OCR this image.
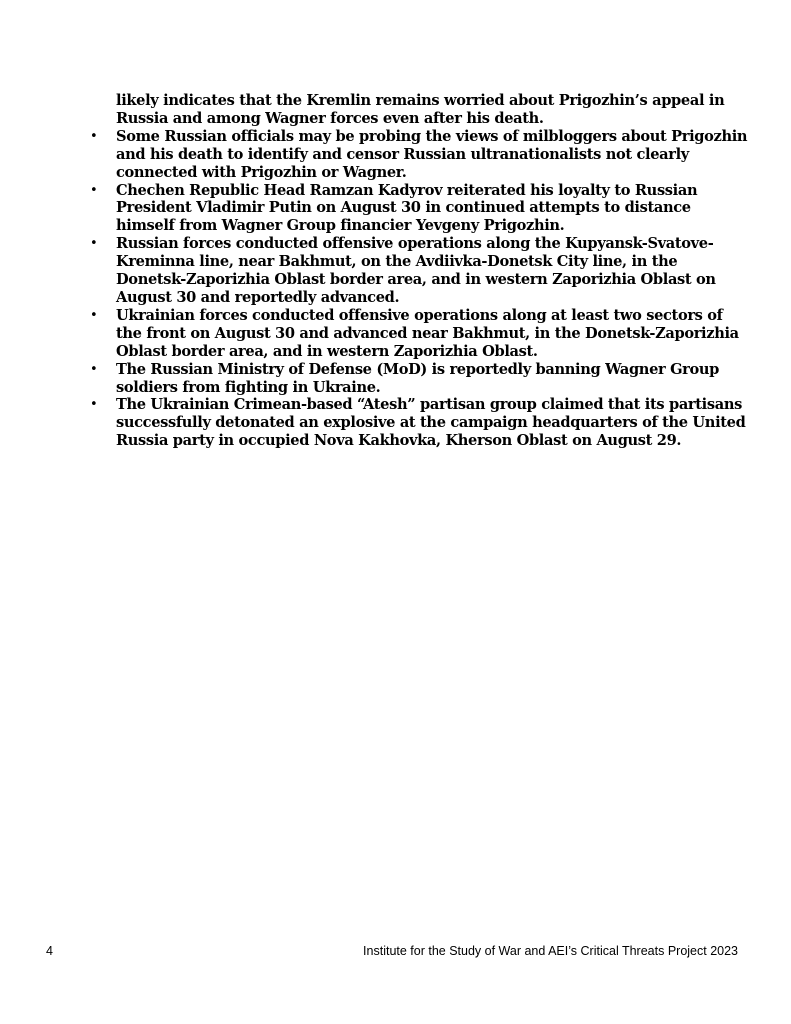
likely indicates that the Kremlin remains worried about Prigozhin’s appeal in Russia and among Wagner forces even after his death.
•	Some Russian officials may be probing the views of milbloggers about Prigozhin and his death to identify and censor Russian ultranationalists not clearly connected with Prigozhin or Wagner.
•	Chechen Republic Head Ramzan Kadyrov reiterated his loyalty to Russian President Vladimir Putin on August 30 in continued attempts to distance himself from Wagner Group financier Yevgeny Prigozhin.
•	Russian forces conducted offensive operations along the Kupyansk-Svatove-Kreminna line, near Bakhmut, on the Avdiivka-Donetsk City line, in the Donetsk-Zaporizhia Oblast border area, and in western Zaporizhia Oblast on August 30 and reportedly advanced.
•	Ukrainian forces conducted offensive operations along at least two sectors of the front on August 30 and advanced near Bakhmut, in the Donetsk-Zaporizhia Oblast border area, and in western Zaporizhia Oblast.
•	The Russian Ministry of Defense (MoD) is reportedly banning Wagner Group soldiers from fighting in Ukraine.
•	The Ukrainian Crimean-based “Atesh” partisan group claimed that its partisans successfully detonated an explosive at the campaign headquarters of the United Russia party in occupied Nova Kakhovka, Kherson Oblast on August 29.
4	Institute for the Study of War and AEI’s Critical Threats Project 2023
